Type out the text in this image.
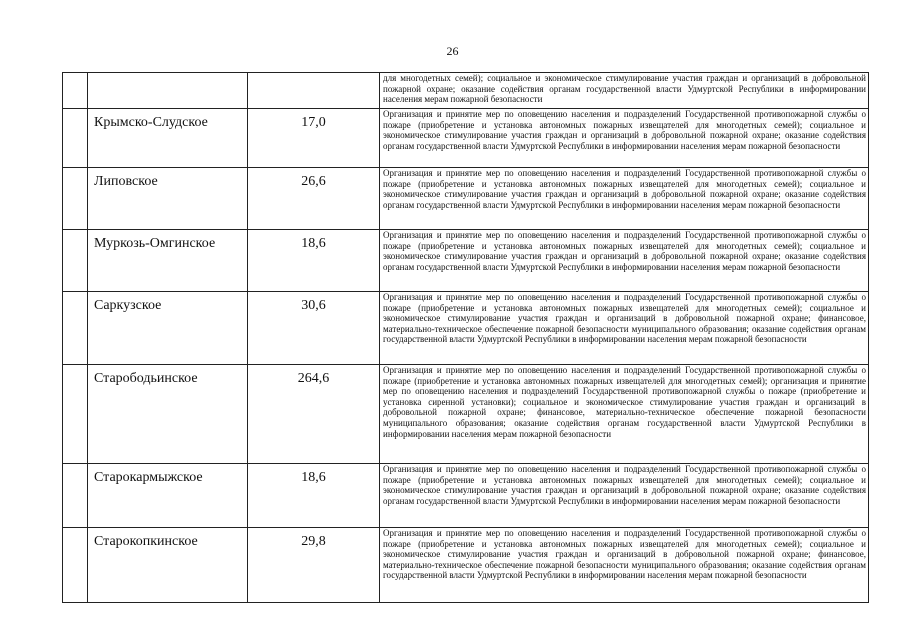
26
			для многодетных семей); социальное и экономическое стимулирование участия граждан и организаций в добровольной пожарной охране; оказание содействия органам государственной власти Удмуртской Республики в информировании населения мерам пожарной безопасности
	Крымско-Слудское	17,0	Организация и принятие мер по оповещению населения и подразделений Государственной противопожарной службы о пожаре (приобретение и установка автономных пожарных извещателей для многодетных семей); социальное и экономическое стимулирование участия граждан и организаций в добровольной пожарной охране; оказание содействия органам государственной власти Удмуртской Республики в информировании населения мерам пожарной безопасности
	Липовское	26,6	Организация и принятие мер по оповещению населения и подразделений Государственной противопожарной службы о пожаре (приобретение и установка автономных пожарных извещателей для многодетных семей); социальное и экономическое стимулирование участия граждан и организаций в добровольной пожарной охране; оказание содействия органам государственной власти Удмуртской Республики в информировании населения мерам пожарной безопасности
	Муркозь-Омгинское	18,6	Организация и принятие мер по оповещению населения и подразделений Государственной противопожарной службы о пожаре (приобретение и установка автономных пожарных извещателей для многодетных семей); социальное и экономическое стимулирование участия граждан и организаций в добровольной пожарной охране; оказание содействия органам государственной власти Удмуртской Республики в информировании населения мерам пожарной безопасности
	Саркузское	30,6	Организация и принятие мер по оповещению населения и подразделений Государственной противопожарной службы о пожаре (приобретение и установка автономных пожарных извещателей для многодетных семей); социальное и экономическое стимулирование участия граждан и организаций в добровольной пожарной охране; финансовое, материально-техническое обеспечение пожарной безопасности муниципального образования; оказание содействия органам государственной власти Удмуртской Республики в информировании населения мерам пожарной безопасности
	Старободьинское	264,6	Организация и принятие мер по оповещению населения и подразделений Государственной противопожарной службы о пожаре (приобретение и установка автономных пожарных извещателей для многодетных семей); организация и принятие мер по оповещению населения и подразделений Государственной противопожарной службы о пожаре (приобретение и установка сиренной установки); социальное и экономическое стимулирование участия граждан и организаций в добровольной пожарной охране; финансовое, материально-техническое обеспечение пожарной безопасности муниципального образования; оказание содействия органам государственной власти Удмуртской Республики в информировании населения мерам пожарной безопасности
	Старокармыжское	18,6	Организация и принятие мер по оповещению населения и подразделений Государственной противопожарной службы о пожаре (приобретение и установка автономных пожарных извещателей для многодетных семей); социальное и экономическое стимулирование участия граждан и организаций в добровольной пожарной охране; оказание содействия органам государственной власти Удмуртской Республики в информировании населения мерам пожарной безопасности
	Старокопкинское	29,8	Организация и принятие мер по оповещению населения и подразделений Государственной противопожарной службы о пожаре (приобретение и установка автономных пожарных извещателей для многодетных семей); социальное и экономическое стимулирование участия граждан и организаций в добровольной пожарной охране; финансовое, материально-техническое обеспечение пожарной безопасности муниципального образования; оказание содействия органам государственной власти Удмуртской Республики в информировании населения мерам пожарной безопасности
